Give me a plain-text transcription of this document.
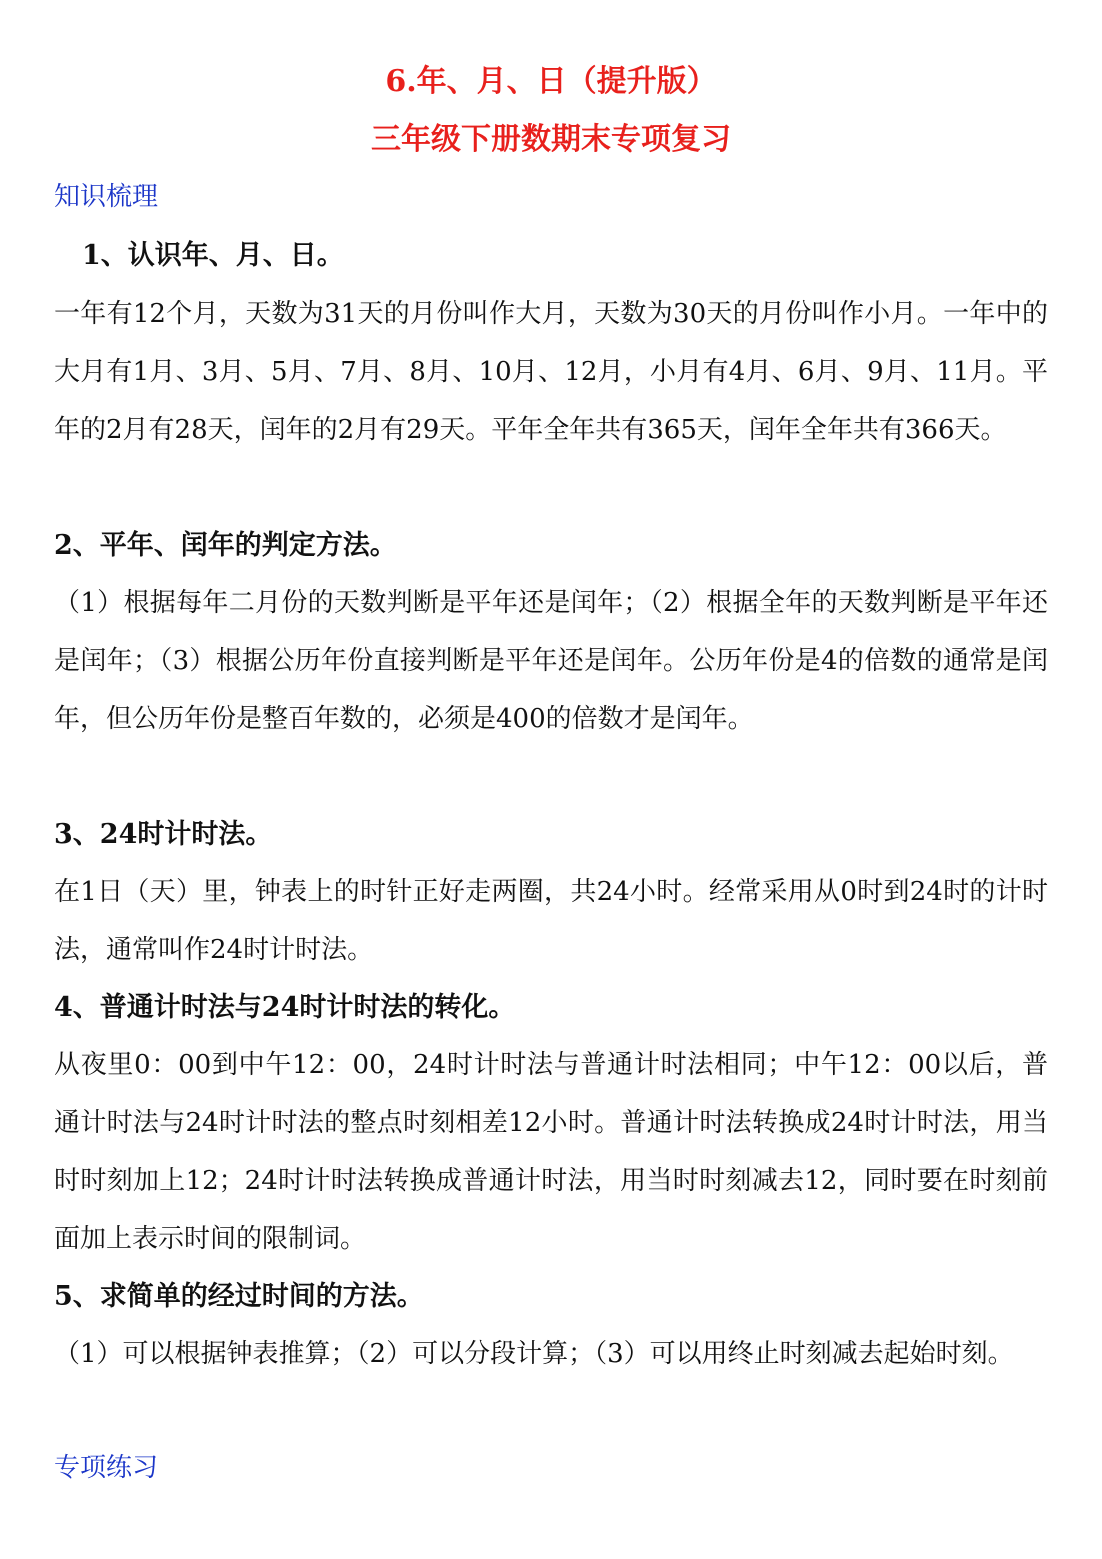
6.年、月、日（提升版）
三年级下册数期末专项复习
知识梳理
1、认识年、月、日。
一年有12个月，天数为31天的月份叫作大月，天数为30天的月份叫作小月。一年中的大月有1月、3月、5月、7月、8月、10月、12月，小月有4月、6月、9月、11月。平年的2月有28天，闰年的2月有29天。平年全年共有365天，闰年全年共有366天。
2、平年、闰年的判定方法。
（1）根据每年二月份的天数判断是平年还是闰年；（2）根据全年的天数判断是平年还是闰年；（3）根据公历年份直接判断是平年还是闰年。公历年份是4的倍数的通常是闰年，但公历年份是整百年数的，必须是400的倍数才是闰年。
3、24时计时法。
在1日（天）里，钟表上的时针正好走两圈，共24小时。经常采用从0时到24时的计时法，通常叫作24时计时法。
4、普通计时法与24时计时法的转化。
从夜里0：00到中午12：00，24时计时法与普通计时法相同；中午12：00以后，普通计时法与24时计时法的整点时刻相差12小时。普通计时法转换成24时计时法，用当时时刻加上12；24时计时法转换成普通计时法，用当时时刻减去12，同时要在时刻前面加上表示时间的限制词。
5、求简单的经过时间的方法。
（1）可以根据钟表推算；（2）可以分段计算；（3）可以用终止时刻减去起始时刻。
专项练习
